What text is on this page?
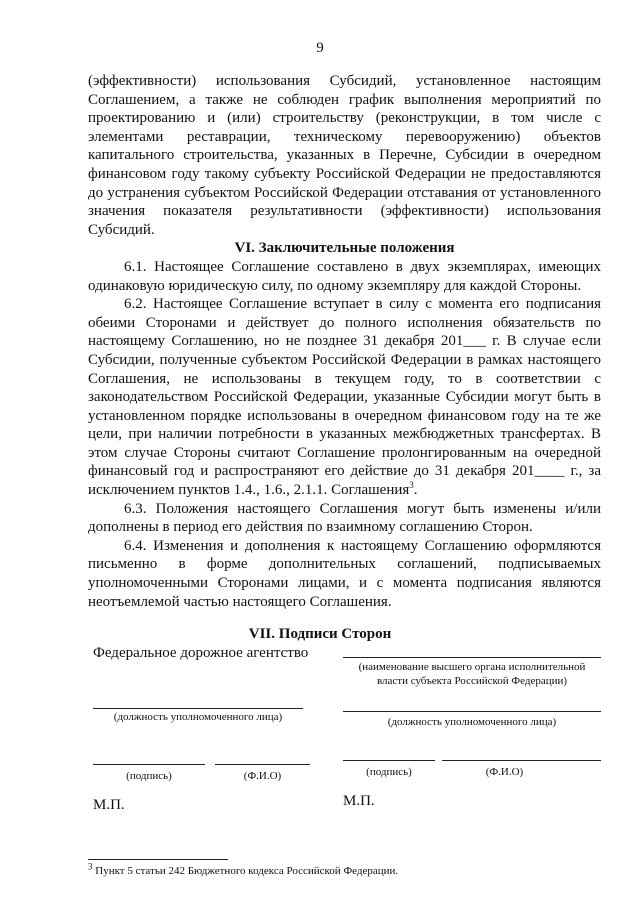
9

(эффективности) использования Субсидий, установленное настоящим Соглашением, а также не соблюден график выполнения мероприятий по проектированию и (или) строительству (реконструкции, в том числе с элементами реставрации, техническому перевооружению) объектов капитального строительства, указанных в Перечне, Субсидии в очередном финансовом году такому субъекту Российской Федерации не предоставляются до устранения субъектом Российской Федерации отставания от установленного значения показателя результативности (эффективности) использования Субсидий.

VI. Заключительные положения

6.1. Настоящее Соглашение составлено в двух экземплярах, имеющих одинаковую юридическую силу, по одному экземпляру для каждой Стороны.

6.2. Настоящее Соглашение вступает в силу с момента его подписания обеими Сторонами и действует до полного исполнения обязательств по настоящему Соглашению, но не позднее 31 декабря 201___ г. В случае если Субсидии, полученные субъектом Российской Федерации в рамках настоящего Соглашения, не использованы в текущем году, то в соответствии с законодательством Российской Федерации, указанные Субсидии могут быть в установленном порядке использованы в очередном финансовом году на те же цели, при наличии потребности в указанных межбюджетных трансфертах. В этом случае Стороны считают Соглашение пролонгированным на очередной финансовый год и распространяют его действие до 31 декабря 201____ г., за исключением пунктов 1.4., 1.6., 2.1.1. Соглашения$^3$.

6.3. Положения настоящего Соглашения могут быть изменены и/или дополнены в период его действия по взаимному соглашению Сторон.

6.4. Изменения и дополнения к настоящему Соглашению оформляются письменно в форме дополнительных соглашений, подписываемых уполномоченными Сторонами лицами, и с момента подписания являются неотъемлемой частью настоящего Соглашения.

VII. Подписи Сторон
Федеральное дорожное агентство
(должность уполномоченного лица)
(подпись)	(Ф.И.О)
М.П.
(наименование высшего органа исполнительной власти субъекта Российской Федерации)
(должность уполномоченного лица)
(подпись)	(Ф.И.О)
М.П.
$^3$ Пункт 5 статьи 242 Бюджетного кодекса Российской Федерации.
